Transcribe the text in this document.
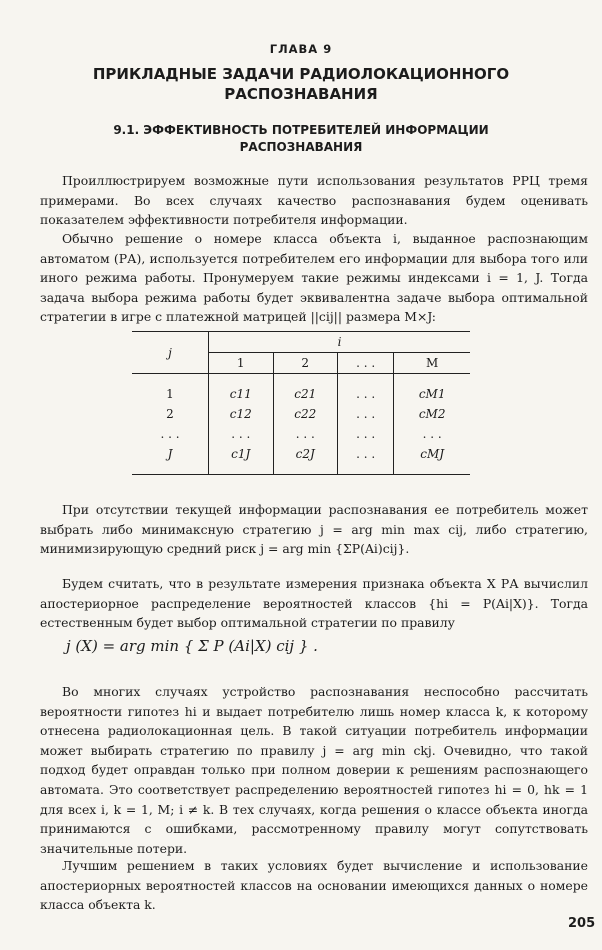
ГЛАВА 9
ПРИКЛАДНЫЕ ЗАДАЧИ РАДИОЛОКАЦИОННОГО
РАСПОЗНАВАНИЯ
9.1. ЭФФЕКТИВНОСТЬ ПОТРЕБИТЕЛЕЙ ИНФОРМАЦИИ
РАСПОЗНАВАНИЯ

Проиллюстрируем возможные пути использования результатов РРЦ тремя примерами. Во всех случаях качество распознавания будем оценивать показателем эффективности потребителя информации.

Обычно решение о номере класса объекта i, выданное распознающим автоматом (РА), используется потребителем его информации для выбора того или иного режима работы. Пронумеруем такие режимы индексами i = 1, J. Тогда задача выбора режима работы будет эквивалентна задаче выбора оптимальной стратегии в игре с платежной матрицей ||cij|| размера M×J:

j	i			
	1	2	. . .	M
1	c11	c21	. . .	cM1
2	c12	c22	. . .	cM2
. . .	. . .	. . .	. . .	. . .
J	c1J	c2J	. . .	cMJ

При отсутствии текущей информации распознавания ее потребитель может выбрать либо минимаксную стратегию j = arg min max cij, либо стратегию, минимизирующую средний риск j = arg min {ΣP(Ai)cij}.

Будем считать, что в результате измерения признака объекта X РА вычислил апостериорное распределение вероятностей классов {hi = P(Ai|X)}. Тогда естественным будет выбор оптимальной стратегии по правилу

j (X) = arg min { Σ P (Ai|X) cij } .

Во многих случаях устройство распознавания неспособно рассчитать вероятности гипотез hi и выдает потребителю лишь номер класса k, к которому отнесена радиолокационная цель. В такой ситуации потребитель информации может выбирать стратегию по правилу j = arg min ckj. Очевидно, что такой подход будет оправдан только при полном доверии к решениям распознающего автомата. Это соответствует распределению вероятностей гипотез hi = 0, hk = 1 для всех i, k = 1, M; i ≠ k. В тех случаях, когда решения о классе объекта иногда принимаются с ошибками, рассмотренному правилу могут сопутствовать значительные потери.

Лучшим решением в таких условиях будет вычисление и использование апостериорных вероятностей классов на основании имеющихся данных о номере класса объекта k.

205
